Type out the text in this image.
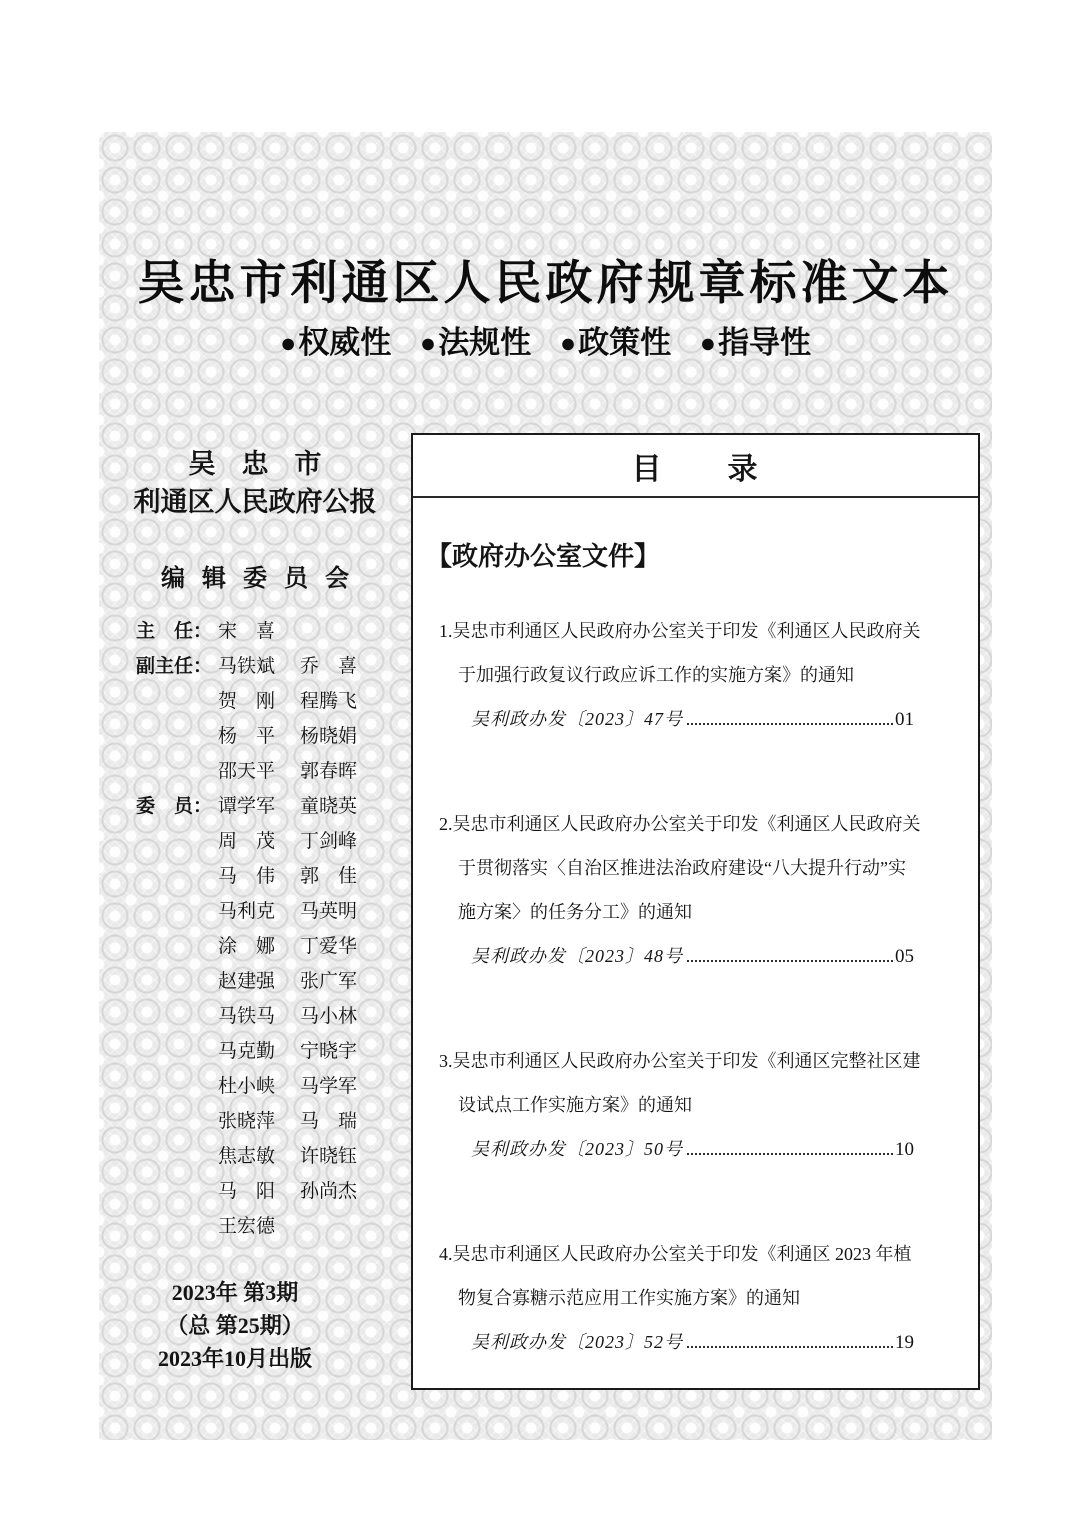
吴忠市利通区人民政府规章标准文本
●权威性 ●法规性 ●政策性 ●指导性
吴忠市
利通区人民政府公报
编辑委员会
主　任： 宋　喜
副主任： 马铁斌	乔　喜
贺　刚	程腾飞
杨　平	杨晓娟
邵天平	郭春晖
委　员： 谭学军	童晓英
周　茂	丁剑峰
马　伟	郭　佳
马利克	马英明
涂　娜	丁爱华
赵建强	张广军
马铁马	马小林
马克勤	宁晓宇
杜小峡	马学军
张晓萍	马　瑞
焦志敏	许晓钰
马　阳	孙尚杰
王宏德
2023年 第3期
（总 第25期）
2023年10月出版
目　　录
【政府办公室文件】
1.吴忠市利通区人民政府办公室关于印发《利通区人民政府关
于加强行政复议行政应诉工作的实施方案》的通知
吴利政办发〔2023〕47号	01
2.吴忠市利通区人民政府办公室关于印发《利通区人民政府关
于贯彻落实〈自治区推进法治政府建设“八大提升行动”实
施方案〉的任务分工》的通知
吴利政办发〔2023〕48号	05
3.吴忠市利通区人民政府办公室关于印发《利通区完整社区建
设试点工作实施方案》的通知
吴利政办发〔2023〕50号	10
4.吴忠市利通区人民政府办公室关于印发《利通区 2023 年植
物复合寡糖示范应用工作实施方案》的通知
吴利政办发〔2023〕52号	19
